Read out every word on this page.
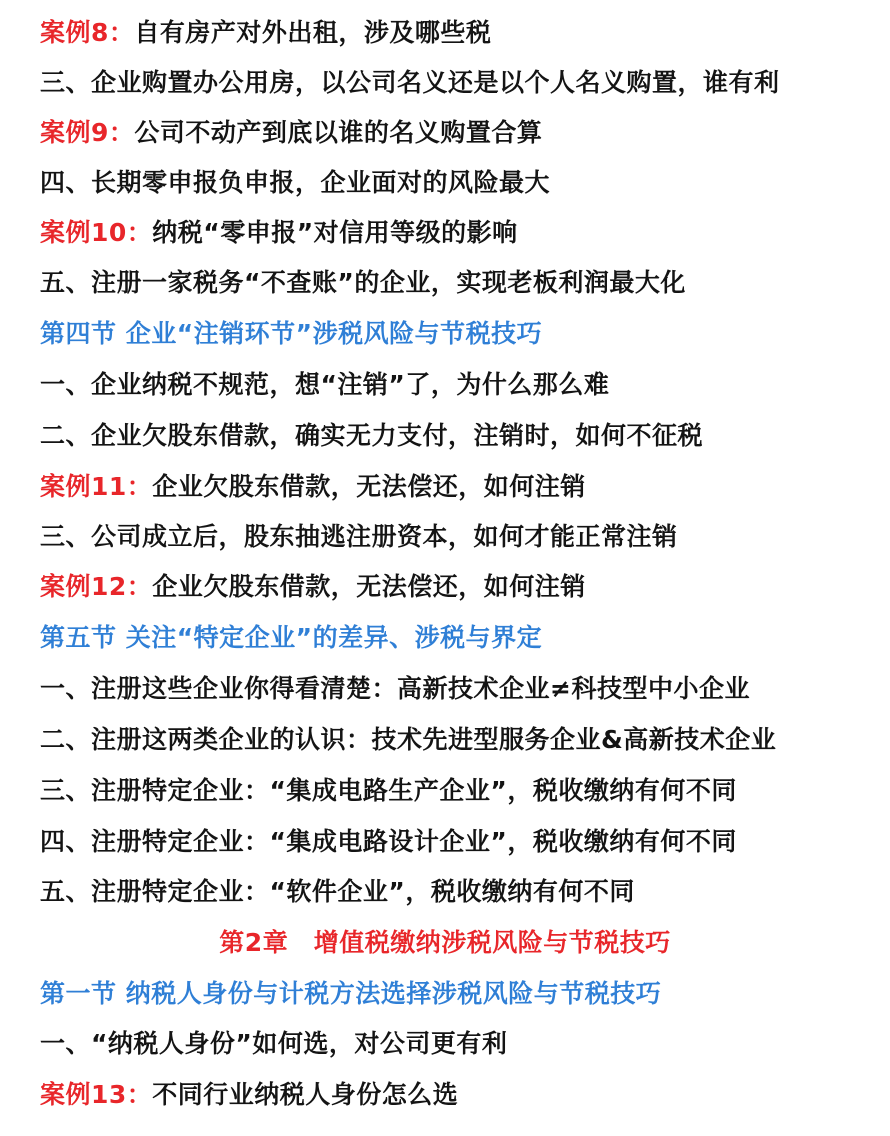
案例8：自有房产对外出租，涉及哪些税
三、企业购置办公用房，以公司名义还是以个人名义购置，谁有利
案例9：公司不动产到底以谁的名义购置合算
四、长期零申报负申报，企业面对的风险最大
案例10：纳税“零申报”对信用等级的影响
五、注册一家税务“不查账”的企业，实现老板利润最大化
第四节 企业“注销环节”涉税风险与节税技巧
一、企业纳税不规范，想“注销”了，为什么那么难
二、企业欠股东借款，确实无力支付，注销时，如何不征税
案例11：企业欠股东借款，无法偿还，如何注销
三、公司成立后，股东抽逃注册资本，如何才能正常注销
案例12：企业欠股东借款，无法偿还，如何注销
第五节 关注“特定企业”的差异、涉税与界定
一、注册这些企业你得看清楚：高新技术企业≠科技型中小企业
二、注册这两类企业的认识：技术先进型服务企业&高新技术企业
三、注册特定企业：“集成电路生产企业”，税收缴纳有何不同
四、注册特定企业：“集成电路设计企业”，税收缴纳有何不同
五、注册特定企业：“软件企业”，税收缴纳有何不同
第2章　增值税缴纳涉税风险与节税技巧
第一节 纳税人身份与计税方法选择涉税风险与节税技巧
一、“纳税人身份”如何选，对公司更有利
案例13：不同行业纳税人身份怎么选
